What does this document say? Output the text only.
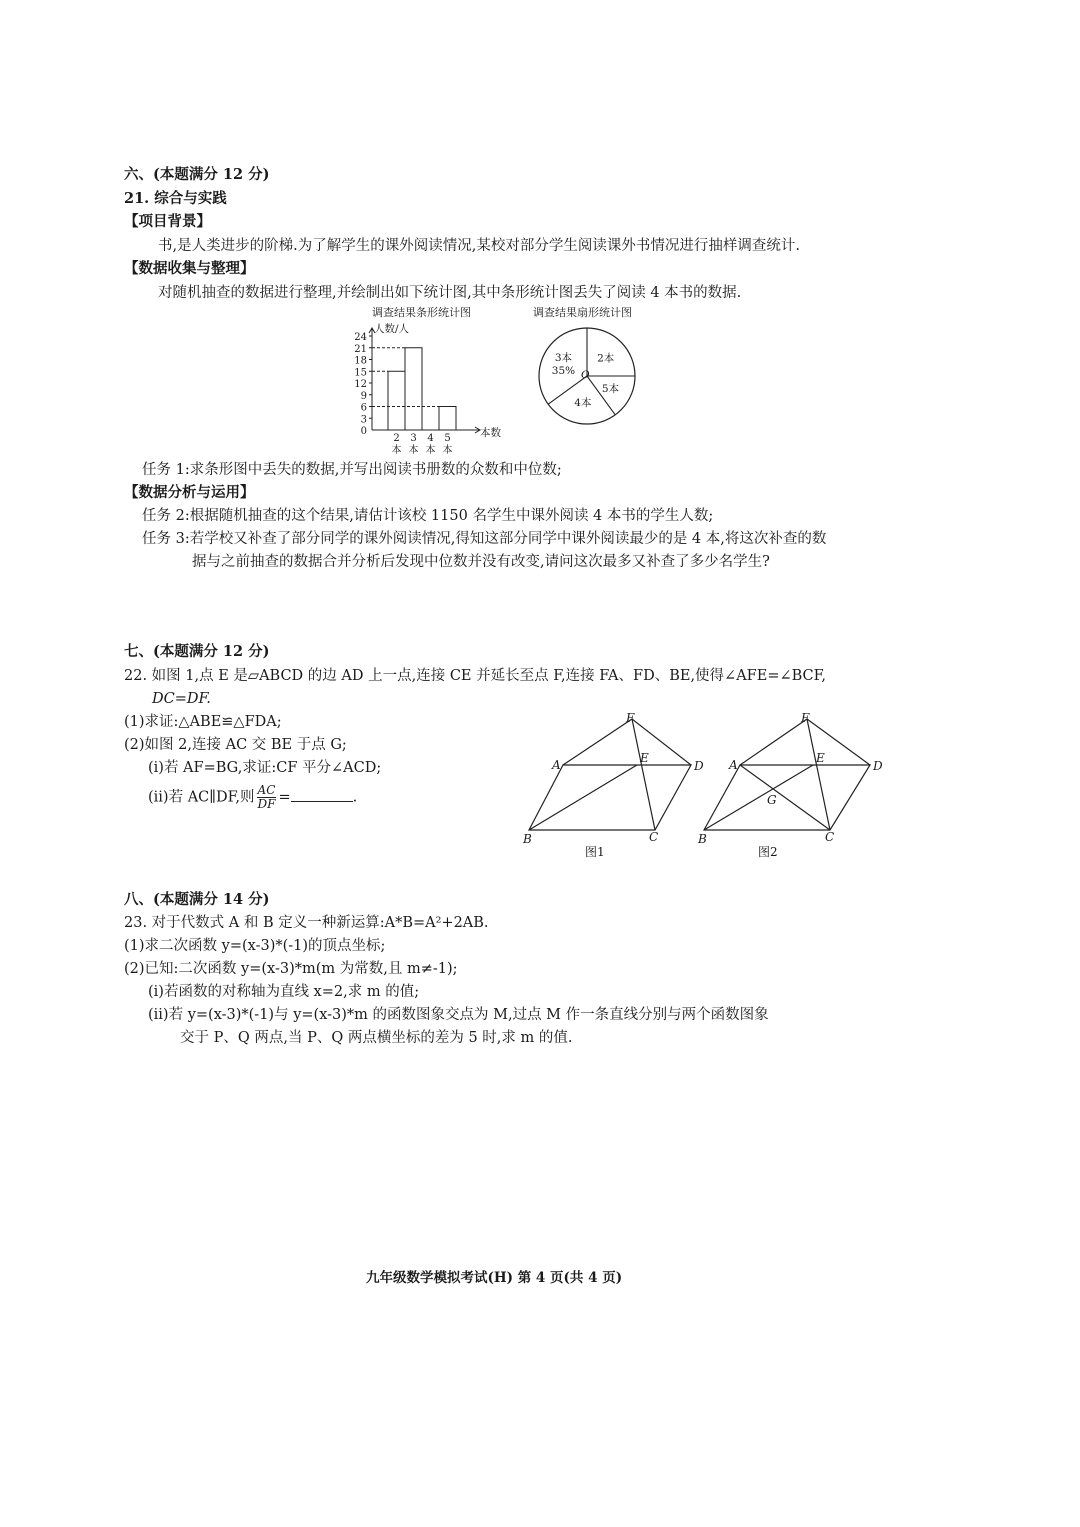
六、(本题满分 12 分)
21. 综合与实践
【项目背景】
书,是人类进步的阶梯.为了解学生的课外阅读情况,某校对部分学生阅读课外书情况进行抽样调查统计.
【数据收集与整理】
对随机抽查的数据进行整理,并绘制出如下统计图,其中条形统计图丢失了阅读 4 本书的数据.
调查结果条形统计图
0
3
6
9
12
15
18
21
24
人数/人
本数
2
本
3
本
4
本
5
本
调查结果扇形统计图
2本
3本
35%
4本
5本
O
任务 1:求条形图中丢失的数据,并写出阅读书册数的众数和中位数;
【数据分析与运用】
任务 2:根据随机抽查的这个结果,请估计该校 1150 名学生中课外阅读 4 本书的学生人数;
任务 3:若学校又补查了部分同学的课外阅读情况,得知这部分同学中课外阅读最少的是 4 本,将这次补查的数
据与之前抽查的数据合并分析后发现中位数并没有改变,请问这次最多又补查了多少名学生?
七、(本题满分 12 分)
22. 如图 1,点 E 是▱ABCD 的边 AD 上一点,连接 CE 并延长至点 F,连接 FA、FD、BE,使得∠AFE=∠BCF,
DC=DF.
(1)求证:△ABE≌△FDA;
(2)如图 2,连接 AC 交 BE 于点 G;
(ⅰ)若 AF=BG,求证:CF 平分∠ACD;
(ⅱ)若 AC∥DF,则 $\frac{AC}{DF}$ =	.
F
A	E
D
B	C
图1
F
A	E
D
G
B	C
图2
八、(本题满分 14 分)
23. 对于代数式 A 和 B 定义一种新运算:A*B=A²+2AB.
(1)求二次函数 y=(x-3)*(-1)的顶点坐标;
(2)已知:二次函数 y=(x-3)*m(m 为常数,且 m≠-1);
(ⅰ)若函数的对称轴为直线 x=2,求 m 的值;
(ⅱ)若 y=(x-3)*(-1)与 y=(x-3)*m 的函数图象交点为 M,过点 M 作一条直线分别与两个函数图象
交于 P、Q 两点,当 P、Q 两点横坐标的差为 5 时,求 m 的值.
九年级数学模拟考试(H) 第 4 页(共 4 页)
